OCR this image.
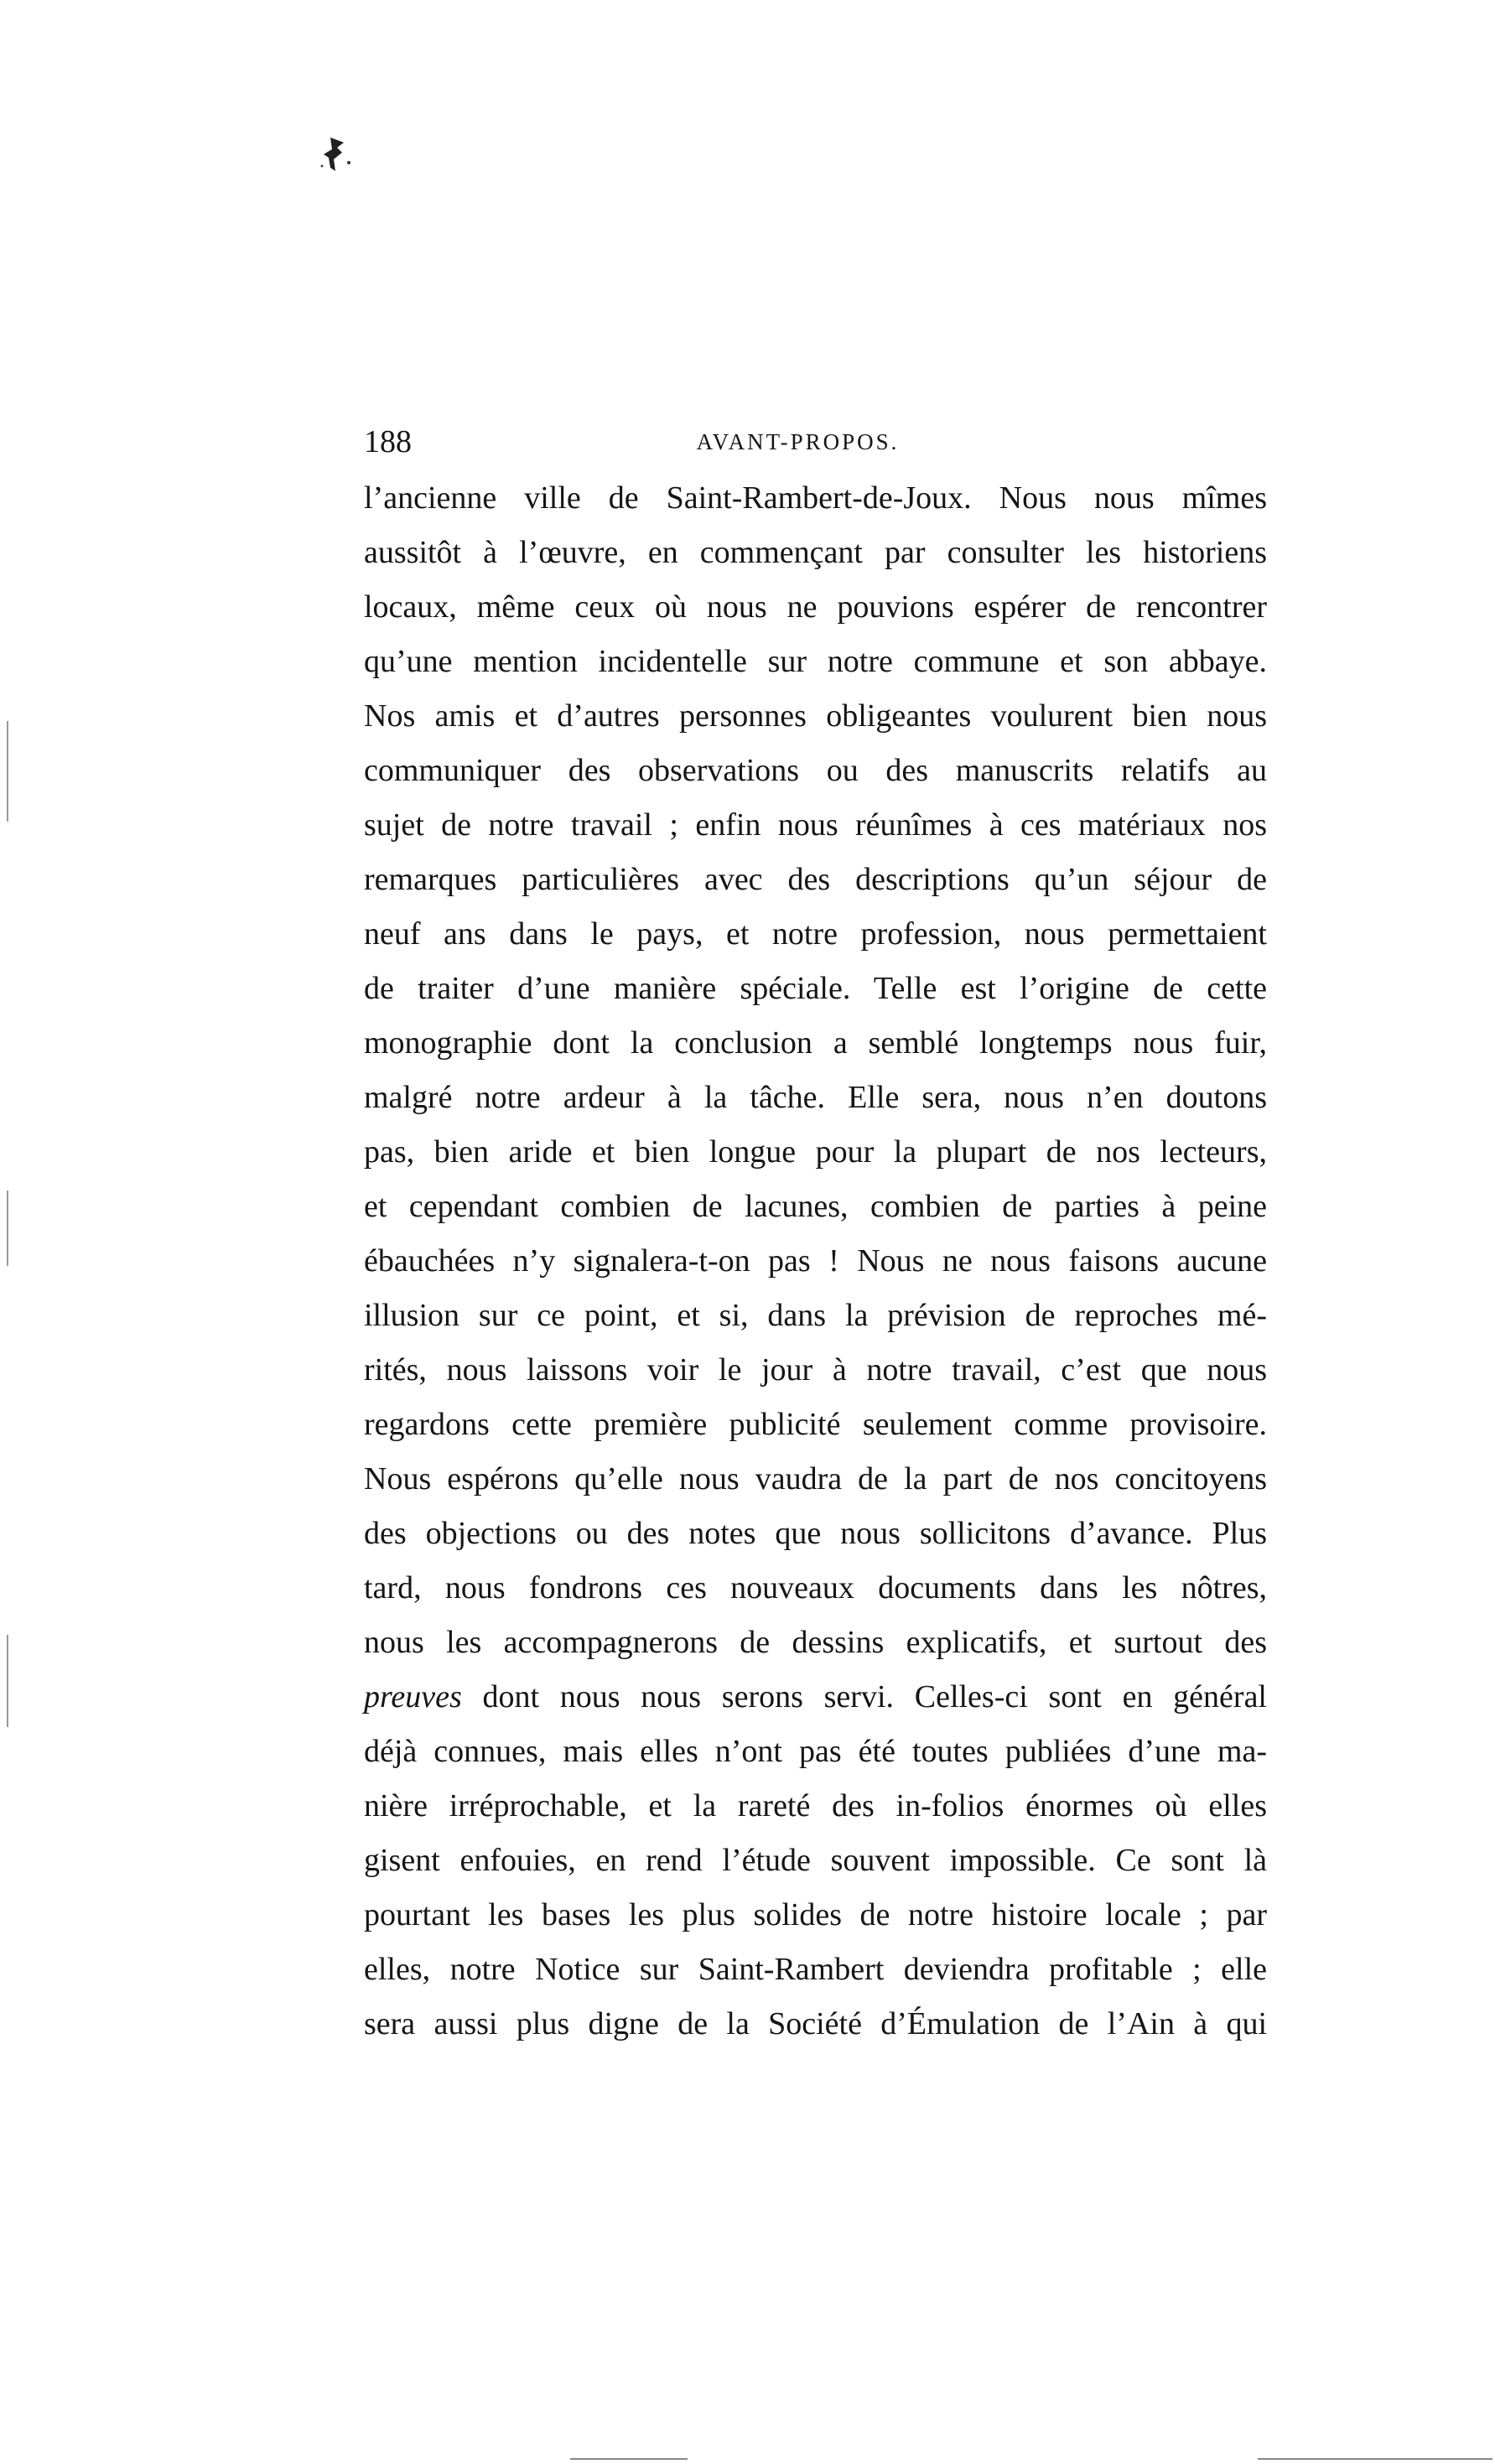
188	AVANT-PROPOS.
l’ancienne ville de Saint-Rambert-de-Joux. Nous nous mîmes
aussitôt à l’œuvre, en commençant par consulter les historiens
locaux, même ceux où nous ne pouvions espérer de rencontrer
qu’une mention incidentelle sur notre commune et son abbaye.
Nos amis et d’autres personnes obligeantes voulurent bien nous
communiquer des observations ou des manuscrits relatifs au
sujet de notre travail ; enfin nous réunîmes à ces matériaux nos
remarques particulières avec des descriptions qu’un séjour de
neuf ans dans le pays, et notre profession, nous permettaient
de traiter d’une manière spéciale. Telle est l’origine de cette
monographie dont la conclusion a semblé longtemps nous fuir,
malgré notre ardeur à la tâche. Elle sera, nous n’en doutons
pas, bien aride et bien longue pour la plupart de nos lecteurs,
et cependant combien de lacunes, combien de parties à peine
ébauchées n’y signalera-t-on pas ! Nous ne nous faisons aucune
illusion sur ce point, et si, dans la prévision de reproches mé-
rités, nous laissons voir le jour à notre travail, c’est que nous
regardons cette première publicité seulement comme provisoire.
Nous espérons qu’elle nous vaudra de la part de nos concitoyens
des objections ou des notes que nous sollicitons d’avance. Plus
tard, nous fondrons ces nouveaux documents dans les nôtres,
nous les accompagnerons de dessins explicatifs, et surtout des
preuves dont nous nous serons servi. Celles-ci sont en général
déjà connues, mais elles n’ont pas été toutes publiées d’une ma-
nière irréprochable, et la rareté des in-folios énormes où elles
gisent enfouies, en rend l’étude souvent impossible. Ce sont là
pourtant les bases les plus solides de notre histoire locale ; par
elles, notre Notice sur Saint-Rambert deviendra profitable ; elle
sera aussi plus digne de la Société d’Émulation de l’Ain à qui
